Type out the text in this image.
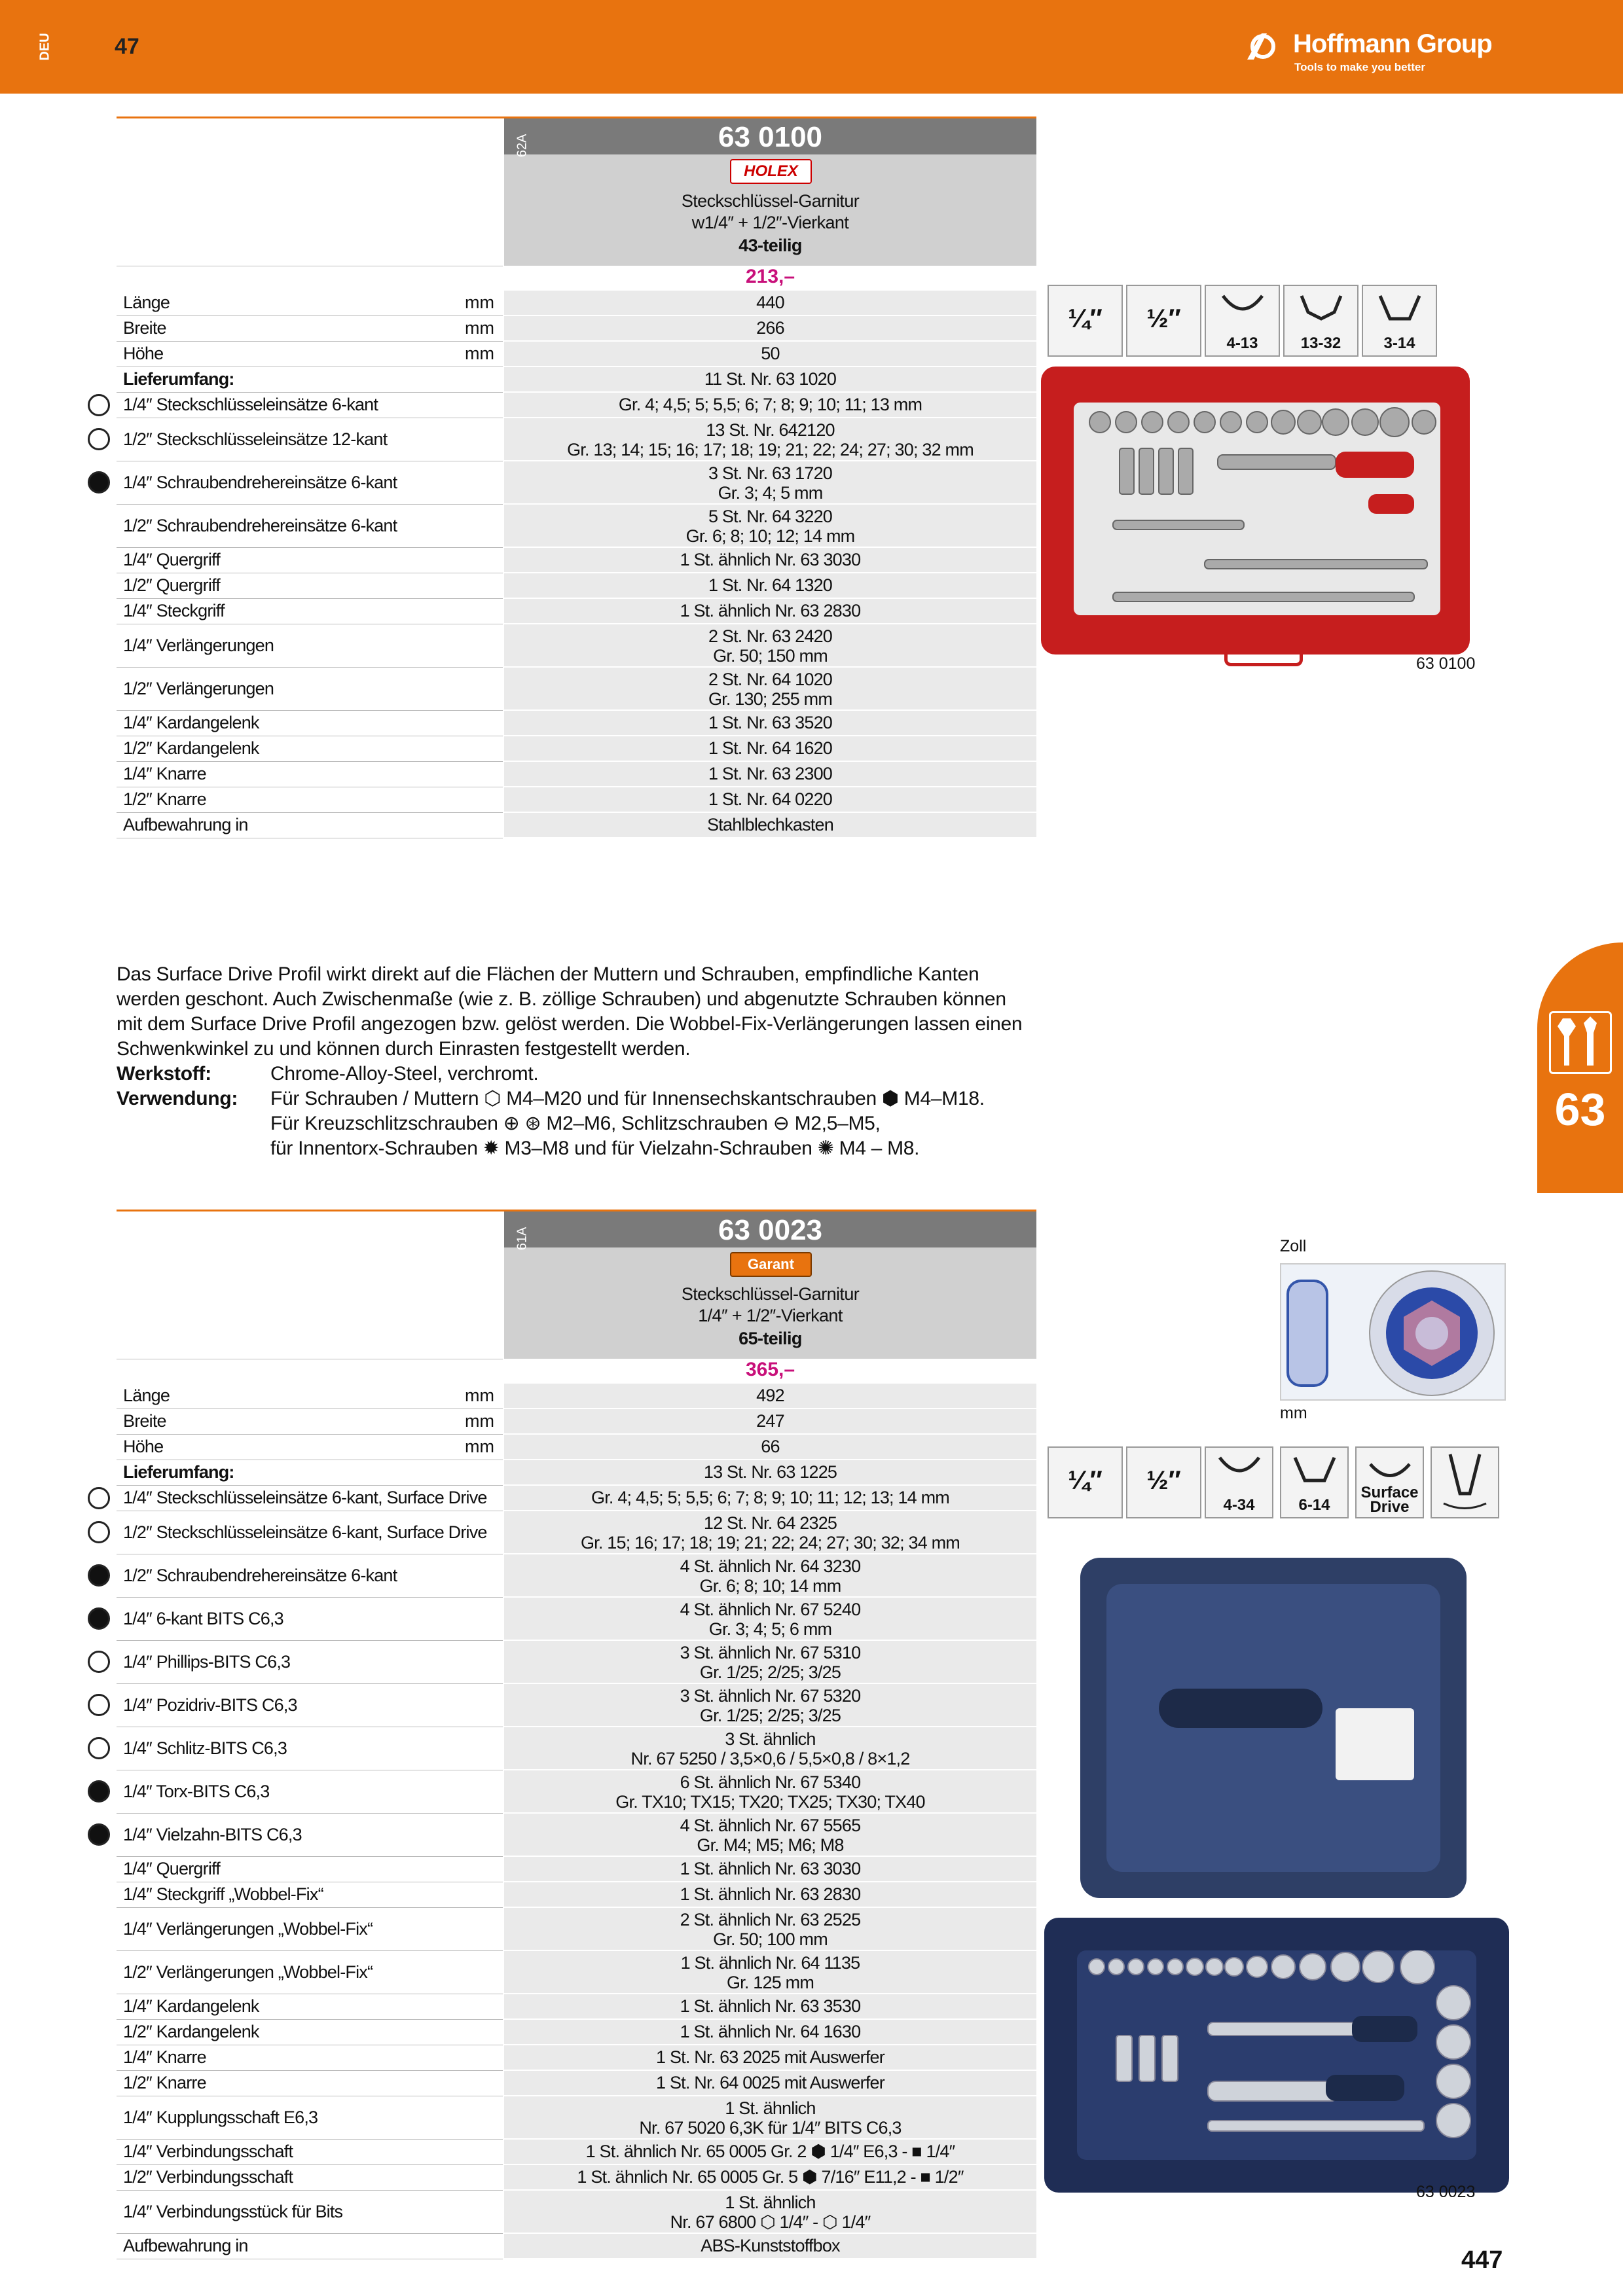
DEU	47	Hoffmann Group
Tools to make you better
63
62A	63 0100
HOLEX
Steckschlüssel-Garnitur
w1/4″ + 1/2″-Vierkant
43-teilig
213,–
Länge	mm	440
Breite	mm	266
Höhe	mm	50
Lieferumfang:	11 St. Nr. 63 1020
1/4″ Steckschlüsseleinsätze 6-kant	Gr. 4; 4,5; 5; 5,5; 6; 7; 8; 9; 10; 11; 13 mm
1/2″ Steckschlüsseleinsätze 12-kant	13 St. Nr. 642120
Gr. 13; 14; 15; 16; 17; 18; 19; 21; 22; 24; 27; 30; 32 mm
1/4″ Schraubendrehereinsätze 6-kant	3 St. Nr. 63 1720
Gr. 3; 4; 5 mm
1/2″ Schraubendrehereinsätze 6-kant	5 St. Nr. 64 3220
Gr. 6; 8; 10; 12; 14 mm
1/4″ Quergriff	1 St. ähnlich Nr. 63 3030
1/2″ Quergriff	1 St. Nr. 64 1320
1/4″ Steckgriff	1 St. ähnlich Nr. 63 2830
1/4″ Verlängerungen	2 St. Nr. 63 2420
Gr. 50; 150 mm
1/2″ Verlängerungen	2 St. Nr. 64 1020
Gr. 130; 255 mm
1/4″ Kardangelenk	1 St. Nr. 63 3520
1/2″ Kardangelenk	1 St. Nr. 64 1620
1/4″ Knarre	1 St. Nr. 63 2300
1/2″ Knarre	1 St. Nr. 64 0220
Aufbewahrung in	Stahlblechkasten
¼″	½″
4-13	13-32	3-14
63 0100
Das Surface Drive Profil wirkt direkt auf die Flächen der Muttern und Schrauben, empfindliche Kanten
werden geschont. Auch Zwischenmaße (wie z. B. zöllige Schrauben) und abgenutzte Schrauben können
mit dem Surface Drive Profil angezogen bzw. gelöst werden. Die Wobbel-Fix-Verlängerungen lassen einen
Schwenkwinkel zu und können durch Einrasten festgestellt werden.
Werkstoff:	Chrome-Alloy-Steel, verchromt.
Verwendung: Für Schrauben / Muttern ⬡ M4–M20 und für Innensechskantschrauben ⬢ M4–M18.
Für Kreuzschlitzschrauben ⊕ ⊛ M2–M6, Schlitzschrauben ⊖ M2,5–M5,
für Innentorx-Schrauben ✹ M3–M8 und für Vielzahn-Schrauben ✺ M4 – M8.
61A	63 0023
Garant
Steckschlüssel-Garnitur
1/4″ + 1/2″-Vierkant
65-teilig
365,–
Länge	mm	492
Breite	mm	247
Höhe	mm	66
Lieferumfang:	13 St. Nr. 63 1225
1/4″ Steckschlüsseleinsätze 6-kant, Surface Drive	Gr. 4; 4,5; 5; 5,5; 6; 7; 8; 9; 10; 11; 12; 13; 14 mm
1/2″ Steckschlüsseleinsätze 6-kant, Surface Drive	12 St. Nr. 64 2325
Gr. 15; 16; 17; 18; 19; 21; 22; 24; 27; 30; 32; 34 mm
1/2″ Schraubendrehereinsätze 6-kant	4 St. ähnlich Nr. 64 3230
Gr. 6; 8; 10; 14 mm
1/4″ 6-kant BITS C6,3	4 St. ähnlich Nr. 67 5240
Gr. 3; 4; 5; 6 mm
1/4″ Phillips-BITS C6,3	3 St. ähnlich Nr. 67 5310
Gr. 1/25; 2/25; 3/25
1/4″ Pozidriv-BITS C6,3	3 St. ähnlich Nr. 67 5320
Gr. 1/25; 2/25; 3/25
1/4″ Schlitz-BITS C6,3	3 St. ähnlich
Nr. 67 5250 / 3,5×0,6 / 5,5×0,8 / 8×1,2
1/4″ Torx-BITS C6,3	6 St. ähnlich Nr. 67 5340
Gr. TX10; TX15; TX20; TX25; TX30; TX40
1/4″ Vielzahn-BITS C6,3	4 St. ähnlich Nr. 67 5565
Gr. M4; M5; M6; M8
1/4″ Quergriff	1 St. ähnlich Nr. 63 3030
1/4″ Steckgriff „Wobbel-Fix“	1 St. ähnlich Nr. 63 2830
1/4″ Verlängerungen „Wobbel-Fix“	2 St. ähnlich Nr. 63 2525
Gr. 50; 100 mm
1/2″ Verlängerungen „Wobbel-Fix“	1 St. ähnlich Nr. 64 1135
Gr. 125 mm
1/4″ Kardangelenk	1 St. ähnlich Nr. 63 3530
1/2″ Kardangelenk	1 St. ähnlich Nr. 64 1630
1/4″ Knarre	1 St. Nr. 63 2025 mit Auswerfer
1/2″ Knarre	1 St. Nr. 64 0025 mit Auswerfer
1/4″ Kupplungsschaft E6,3	1 St. ähnlich
Nr. 67 5020 6,3K für 1/4″ BITS C6,3
1/4″ Verbindungsschaft	1 St. ähnlich Nr. 65 0005 Gr. 2 ⬢ 1/4″ E6,3 - ■ 1/4″
1/2″ Verbindungsschaft	1 St. ähnlich Nr. 65 0005 Gr. 5 ⬢ 7/16″ E11,2 - ■ 1/2″
1/4″ Verbindungsstück für Bits	1 St. ähnlich
Nr. 67 6800 ⬡ 1/4″ - ⬡ 1/4″
Aufbewahrung in	ABS-Kunststoffbox
Zoll
mm
¼″	½″
4-34	6-14
Surface Drive
63 0023
447
